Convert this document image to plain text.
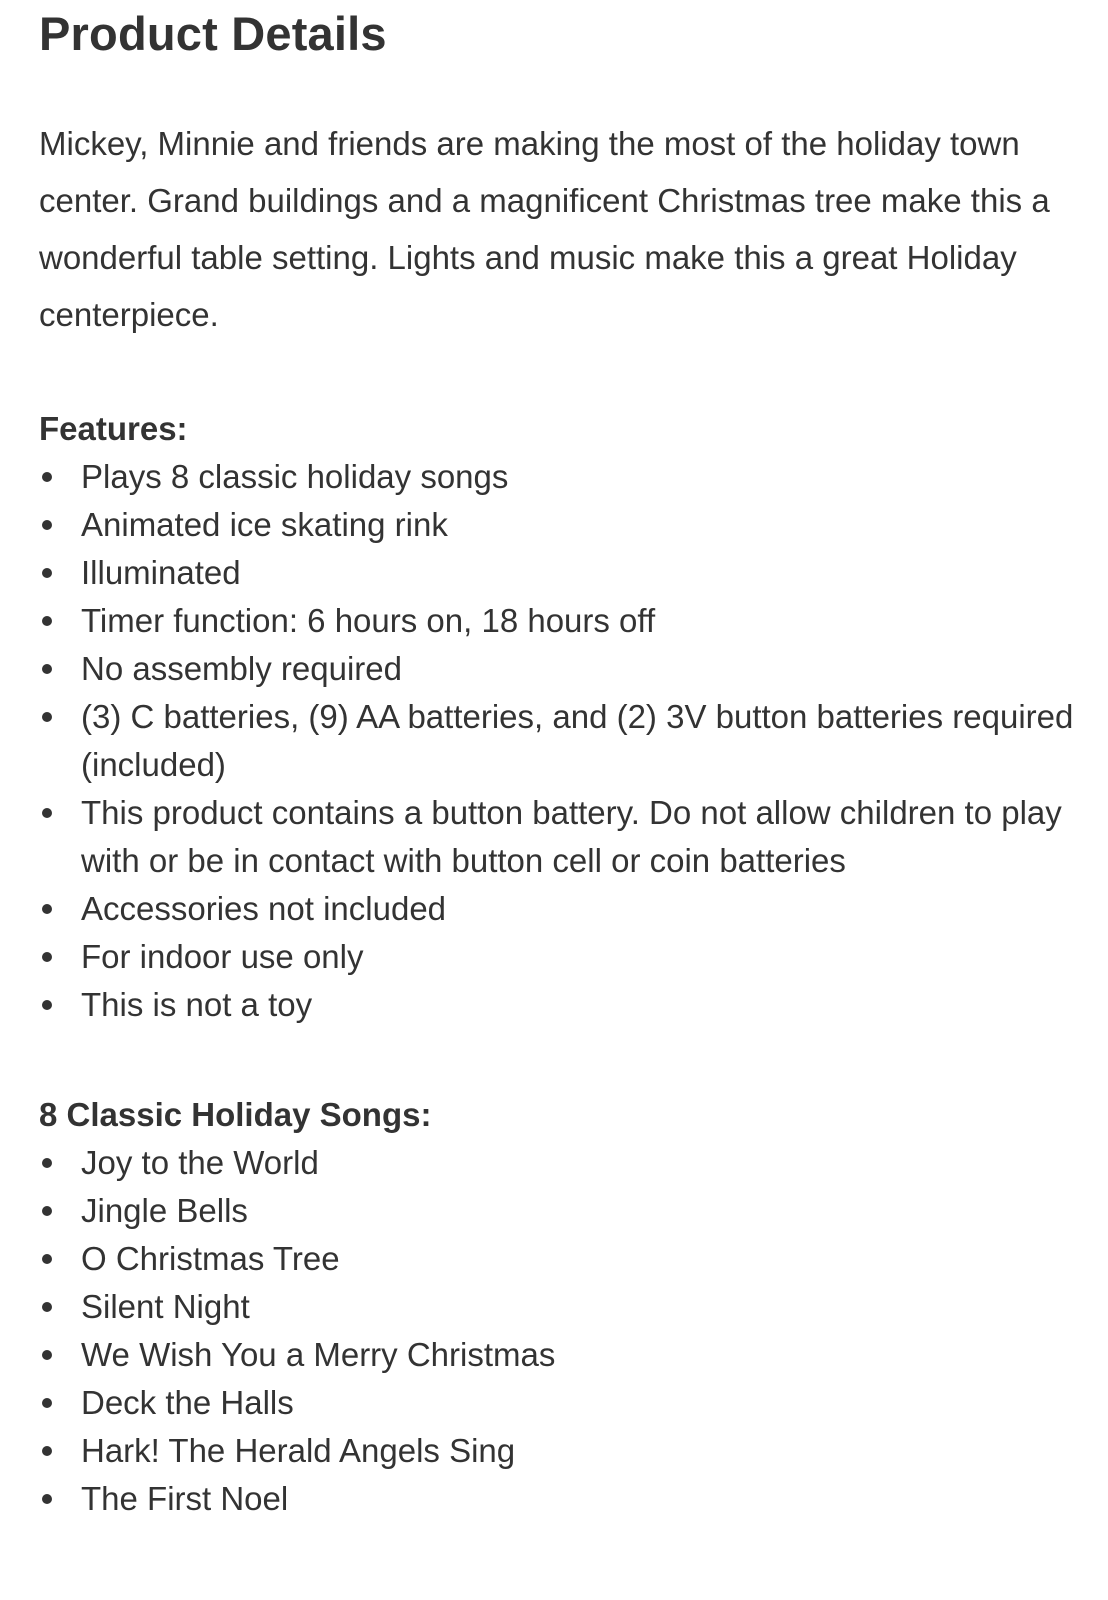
Product Details

Mickey, Minnie and friends are making the most of the holiday town center. Grand buildings and a magnificent Christmas tree make this a wonderful table setting. Lights and music make this a great Holiday centerpiece.

Features:
Plays 8 classic holiday songs
Animated ice skating rink
Illuminated
Timer function: 6 hours on, 18 hours off
No assembly required
(3) C batteries, (9) AA batteries, and (2) 3V button batteries required (included)
This product contains a button battery. Do not allow children to play with or be in contact with button cell or coin batteries
Accessories not included
For indoor use only
This is not a toy
8 Classic Holiday Songs:
Joy to the World
Jingle Bells
O Christmas Tree
Silent Night
We Wish You a Merry Christmas
Deck the Halls
Hark! The Herald Angels Sing
The First Noel
